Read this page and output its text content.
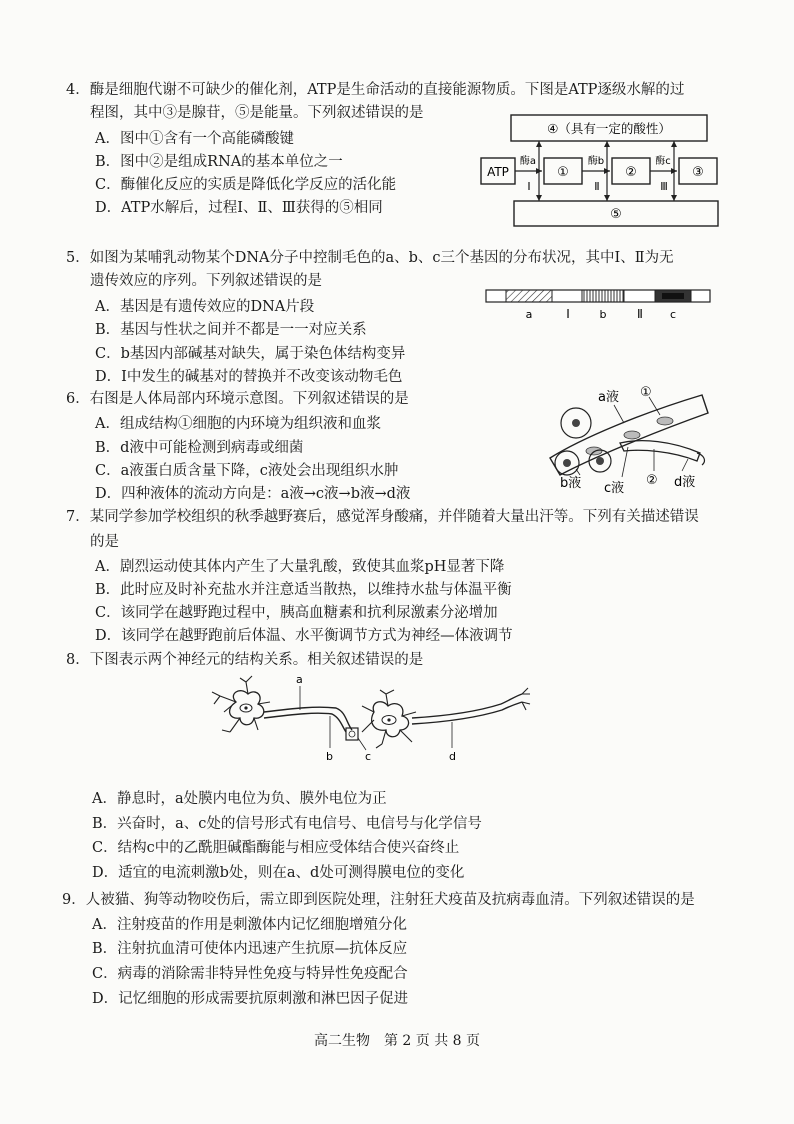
4．酶是细胞代谢不可缺少的催化剂，ATP是生命活动的直接能源物质。下图是ATP逐级水解的过
程图，其中③是腺苷，⑤是能量。下列叙述错误的是
A．图中①含有一个高能磷酸键
B．图中②是组成RNA的基本单位之一
C．酶催化反应的实质是降低化学反应的活化能
D．ATP水解后，过程Ⅰ、Ⅱ、Ⅲ获得的⑤相同
④（具有一定的酸性）
ATP	①	②	③
⑤
酶a	酶b	酶c
Ⅰ	Ⅱ	Ⅲ
5．如图为某哺乳动物某个DNA分子中控制毛色的a、b、c三个基因的分布状况，其中Ⅰ、Ⅱ为无
遗传效应的序列。下列叙述错误的是
A．基因是有遗传效应的DNA片段
B．基因与性状之间并不都是一一对应关系
C．b基因内部碱基对缺失，属于染色体结构变异
D．Ⅰ中发生的碱基对的替换并不改变该动物毛色
a	Ⅰ	b	Ⅱ c
6．右图是人体局部内环境示意图。下列叙述错误的是
A．组成结构①细胞的内环境为组织液和血浆
B．d液中可能检测到病毒或细菌
C．a液蛋白质含量下降，c液处会出现组织水肿
D．四种液体的流动方向是：a液→c液→b液→d液
a液 ①
b液 c液
② d液
7．某同学参加学校组织的秋季越野赛后，感觉浑身酸痛，并伴随着大量出汗等。下列有关描述错误
的是
A．剧烈运动使其体内产生了大量乳酸，致使其血浆pH显著下降
B．此时应及时补充盐水并注意适当散热，以维持水盐与体温平衡
C．该同学在越野跑过程中，胰高血糖素和抗利尿激素分泌增加
D．该同学在越野跑前后体温、水平衡调节方式为神经—体液调节
8．下图表示两个神经元的结构关系。相关叙述错误的是
a
b	c	d
A．静息时，a处膜内电位为负、膜外电位为正
B．兴奋时，a、c处的信号形式有电信号、电信号与化学信号
C．结构c中的乙酰胆碱酯酶能与相应受体结合使兴奋终止
D．适宜的电流刺激b处，则在a、d处可测得膜电位的变化
9．人被猫、狗等动物咬伤后，需立即到医院处理，注射狂犬疫苗及抗病毒血清。下列叙述错误的是
A．注射疫苗的作用是刺激体内记忆细胞增殖分化
B．注射抗血清可使体内迅速产生抗原—抗体反应
C．病毒的消除需非特异性免疫与特异性免疫配合
D．记忆细胞的形成需要抗原刺激和淋巴因子促进
高二生物　第 2 页 共 8 页
